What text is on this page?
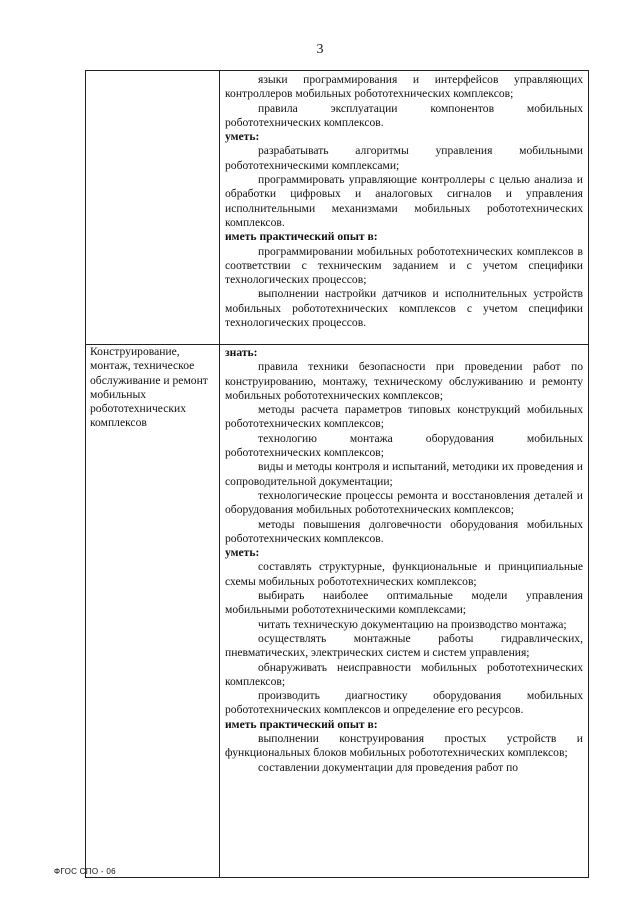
3

языки программирования и интерфейсов управляющих контроллеров мобильных робототехнических комплексов;

правила эксплуатации компонентов мобильных робототехнических комплексов.

уметь:

разрабатывать алгоритмы управления мобильными робототехническими комплексами;

программировать управляющие контроллеры с целью анализа и обработки цифровых и аналоговых сигналов и управления исполнительными механизмами мобильных робототехнических комплексов.

иметь практический опыт в:

программировании мобильных робототехнических комплексов в соответствии с техническим заданием и с учетом специфики технологических процессов;

выполнении настройки датчиков и исполнительных устройств мобильных робототехнических комплексов с учетом специфики технологических процессов.

Конструирование, монтаж, техническое обслуживание и ремонт мобильных робототехнических комплексов

знать:

правила техники безопасности при проведении работ по конструированию, монтажу, техническому обслуживанию и ремонту мобильных робототехнических комплексов;

методы расчета параметров типовых конструкций мобильных робототехнических комплексов;

технологию монтажа оборудования мобильных робототехнических комплексов;

виды и методы контроля и испытаний, методики их проведения и сопроводительной документации;

технологические процессы ремонта и восстановления деталей и оборудования мобильных робототехнических комплексов;

методы повышения долговечности оборудования мобильных робототехнических комплексов.

уметь:

составлять структурные, функциональные и принципиальные схемы мобильных робототехнических комплексов;

выбирать наиболее оптимальные модели управления мобильными робототехническими комплексами;

читать техническую документацию на производство монтажа;

осуществлять монтажные работы гидравлических, пневматических, электрических систем и систем управления;

обнаруживать неисправности мобильных робототехнических комплексов;

производить диагностику оборудования мобильных робототехнических комплексов и определение его ресурсов.

иметь практический опыт в:

выполнении конструирования простых устройств и функциональных блоков мобильных робототехнических комплексов;

составлении документации для проведения работ по

ФГОС СПО - 06
